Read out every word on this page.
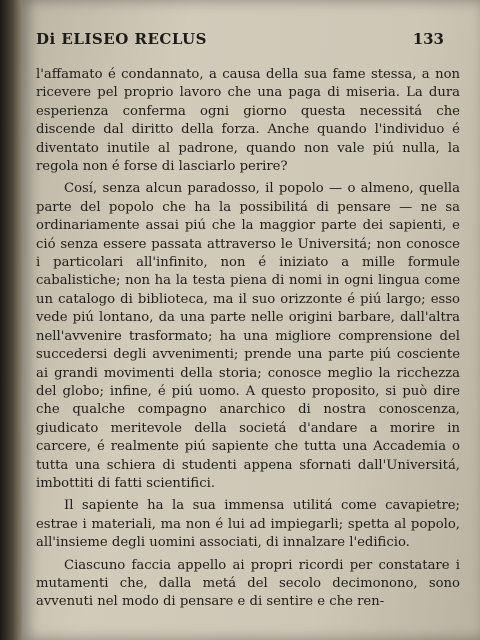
Di ELISEO RECLUS	133

l'affamato é condannato, a causa della sua fame stessa, a non ricevere pel proprio lavoro che una paga di miseria. La dura esperienza conferma ogni giorno questa necessitá che discende dal diritto della forza. Anche quando l'individuo é diventato inutile al padrone, quando non vale piú nulla, la regola non é forse di lasciarlo perire?

Cosí, senza alcun paradosso, il popolo — o almeno, quella parte del popolo che ha la possibilitá di pensare — ne sa ordinariamente assai piú che la maggior parte dei sapienti, e ció senza essere passata attraverso le Universitá; non conosce i particolari all'infinito, non é iniziato a mille formule cabalistiche; non ha la testa piena di nomi in ogni lingua come un catalogo di biblioteca, ma il suo orizzonte é piú largo; esso vede piú lontano, da una parte nelle origini barbare, dall'altra nell'avvenire trasformato; ha una migliore comprensione del succedersi degli avvenimenti; prende una parte piú cosciente ai grandi movimenti della storia; conosce meglio la ricchezza del globo; infine, é piú uomo. A questo proposito, si può dire che qualche compagno anarchico di nostra conoscenza, giudicato meritevole della societá d'andare a morire in carcere, é realmente piú sapiente che tutta una Accademia o tutta una schiera di studenti appena sfornati dall'Universitá, imbottiti di fatti scientifici.

Il sapiente ha la sua immensa utilitá come cavapietre; estrae i materiali, ma non é lui ad impiegarli; spetta al popolo, all'insieme degli uomini associati, di innalzare l'edificio.

Ciascuno faccia appello ai propri ricordi per constatare i mutamenti che, dalla metá del secolo decimonono, sono avvenuti nel modo di pensare e di sentire e che ren-
